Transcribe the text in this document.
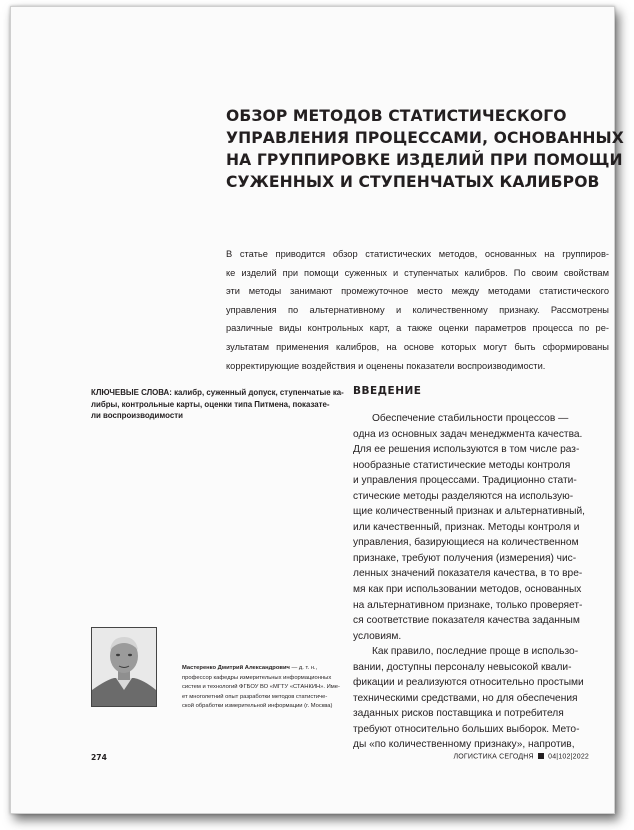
ОБЗОР МЕТОДОВ СТАТИСТИЧЕСКОГО
УПРАВЛЕНИЯ ПРОЦЕССАМИ, ОСНОВАННЫХ
НА ГРУППИРОВКЕ ИЗДЕЛИЙ ПРИ ПОМОЩИ
СУЖЕННЫХ И СТУПЕНЧАТЫХ КАЛИБРОВ
В статье приводится обзор статистических методов, основанных на группиров-
ке изделий при помощи суженных и ступенчатых калибров. По своим свойствам
эти методы занимают промежуточное место между методами статистического
управления по альтернативному и количественному признаку. Рассмотрены
различные виды контрольных карт, а также оценки параметров процесса по ре-
зультатам применения калибров, на основе которых могут быть сформированы
корректирующие воздействия и оценены показатели воспроизводимости.
КЛЮЧЕВЫЕ СЛОВА: калибр, суженный допуск, ступенчатые ка-
либры, контрольные карты, оценки типа Питмена, показате-
ли воспроизводимости
ВВЕДЕНИЕ
Обеспечение стабильности процессов —
одна из основных задач менеджмента качества.
Для ее решения используются в том числе раз-
нообразные статистические методы контроля
и управления процессами. Традиционно стати-
стические методы разделяются на использую-
щие количественный признак и альтернативный,
или качественный, признак. Методы контроля и
управления, базирующиеся на количественном
признаке, требуют получения (измерения) чис-
ленных значений показателя качества, в то вре-
мя как при использовании методов, основанных
на альтернативном признаке, только проверяет-
ся соответствие показателя качества заданным
условиям.
Как правило, последние проще в использо-
вании, доступны персоналу невысокой квали-
фикации и реализуются относительно простыми
техническими средствами, но для обеспечения
заданных рисков поставщика и потребителя
требуют относительно больших выборок. Мето-
ды «по количественному признаку», напротив,
Мастеренко Дмитрий Александрович — д. т. н.,
профессор кафедры измерительных информационных
систем и технологий ФГБОУ ВО «МГТУ «СТАНКИН». Име-
ет многолетний опыт разработки методов статистиче-
ской обработки измерительной информации (г. Москва)
274	ЛОГИСТИКА СЕГОДНЯ 04|102|2022
